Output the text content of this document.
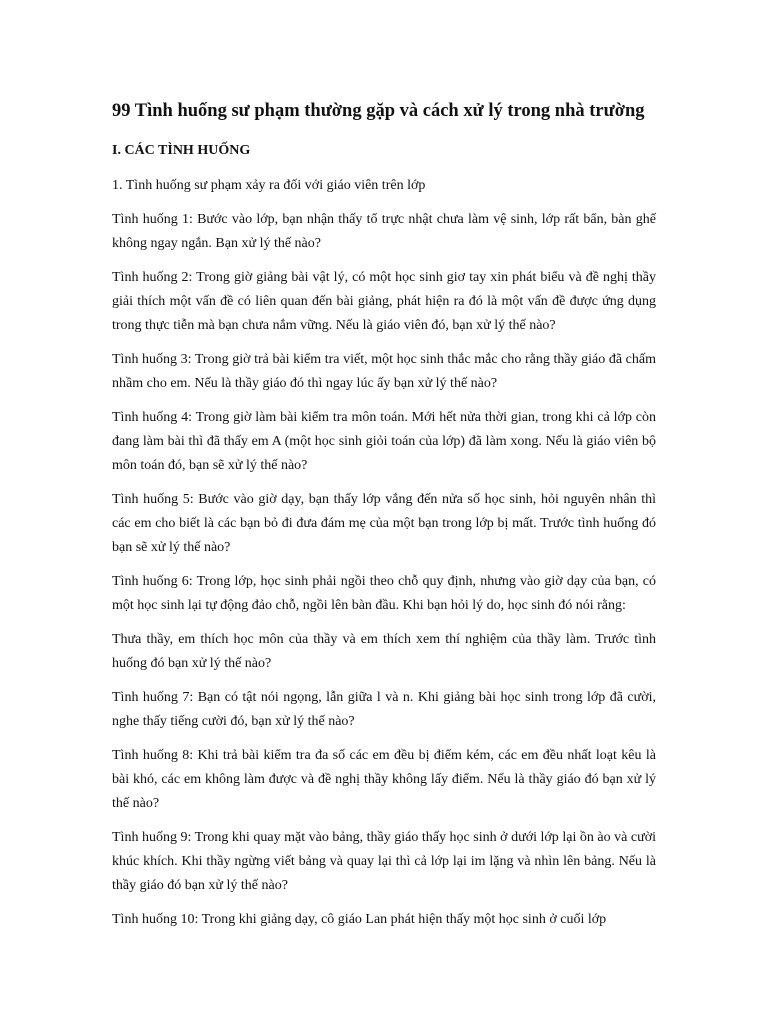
99 Tình huống sư phạm thường gặp và cách xử lý trong nhà trường
I. CÁC TÌNH HUỐNG

1. Tình huống sư phạm xảy ra đối với giáo viên trên lớp

Tình huống 1: Bước vào lớp, bạn nhận thấy tổ trực nhật chưa làm vệ sinh, lớp rất bẩn, bàn ghế không ngay ngắn. Bạn xử lý thế nào?

Tình huống 2: Trong giờ giảng bài vật lý, có một học sinh giơ tay xin phát biểu và đề nghị thầy giải thích một vấn đề có liên quan đến bài giảng, phát hiện ra đó là một vấn đề được ứng dụng trong thực tiễn mà bạn chưa nắm vững. Nếu là giáo viên đó, bạn xử lý thế nào?

Tình huống 3: Trong giờ trả bài kiểm tra viết, một học sinh thắc mắc cho rằng thầy giáo đã chấm nhầm cho em. Nếu là thầy giáo đó thì ngay lúc ấy bạn xử lý thế nào?

Tình huống 4: Trong giờ làm bài kiểm tra môn toán. Mới hết nửa thời gian, trong khi cả lớp còn đang làm bài thì đã thấy em A (một học sinh giỏi toán của lớp) đã làm xong. Nếu là giáo viên bộ môn toán đó, bạn sẽ xử lý thế nào?

Tình huống 5: Bước vào giờ dạy, bạn thấy lớp vắng đến nửa số học sinh, hỏi nguyên nhân thì các em cho biết là các bạn bỏ đi đưa đám mẹ của một bạn trong lớp bị mất. Trước tình huống đó bạn sẽ xử lý thế nào?

Tình huống 6: Trong lớp, học sinh phải ngồi theo chỗ quy định, nhưng vào giờ dạy của bạn, có một học sinh lại tự động đảo chỗ, ngồi lên bàn đầu. Khi bạn hỏi lý do, học sinh đó nói rằng:

Thưa thầy, em thích học môn của thầy và em thích xem thí nghiệm của thầy làm. Trước tình huống đó bạn xử lý thế nào?

Tình huống 7: Bạn có tật nói ngọng, lẫn giữa l và n. Khi giảng bài học sinh trong lớp đã cười, nghe thấy tiếng cười đó, bạn xử lý thế nào?

Tình huống 8: Khi trả bài kiểm tra đa số các em đều bị điểm kém, các em đều nhất loạt kêu là bài khó, các em không làm được và đề nghị thầy không lấy điểm. Nếu là thầy giáo đó bạn xử lý thế nào?

Tình huống 9: Trong khi quay mặt vào bảng, thầy giáo thấy học sinh ở dưới lớp lại ồn ào và cười khúc khích. Khi thầy ngừng viết bảng và quay lại thì cả lớp lại im lặng và nhìn lên bảng. Nếu là thầy giáo đó bạn xử lý thế nào?

Tình huống 10: Trong khi giảng dạy, cô giáo Lan phát hiện thấy một học sinh ở cuối lớp
